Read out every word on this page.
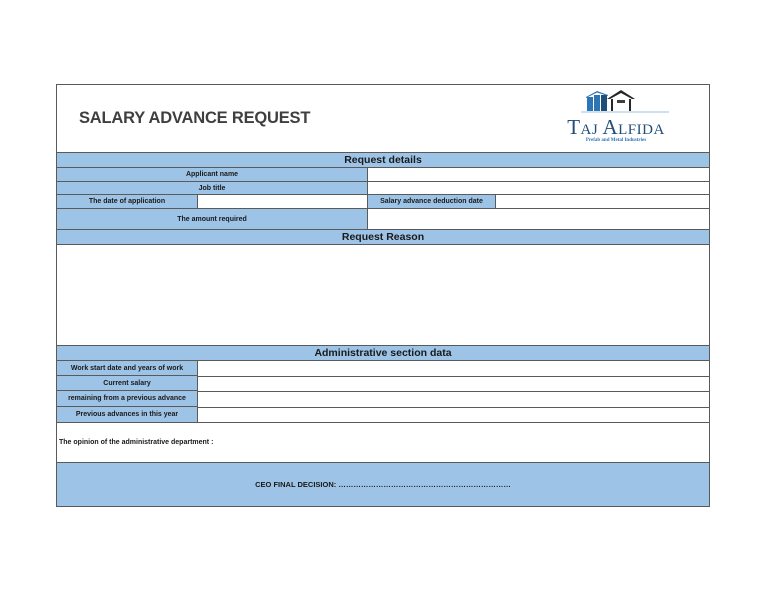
SALARY ADVANCE REQUEST	TAJ ALFIDA
Prefab and Metal Industries
Request details
Applicant name
Job title
The date of application	Salary advance deduction date
The amount required
Request Reason
Administrative section data
Work start date and years of work
Current salary
remaining from a previous advance
Previous advances in this year
The opinion of the administrative department :
CEO FINAL DECISION: ……………………………………………………………
